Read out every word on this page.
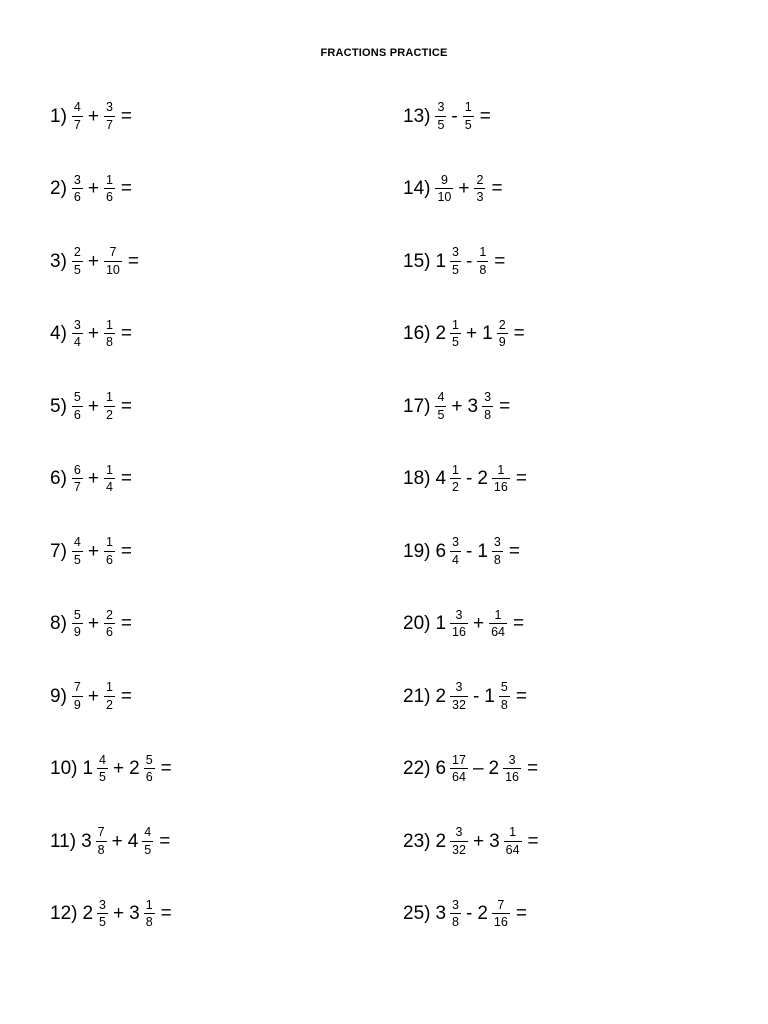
FRACTIONS PRACTICE
$1) \frac{4}{7} + \frac{3}{7}$ =
$2) \frac{3}{6} + \frac{1}{6}$ =
$3) \frac{2}{5} + \frac{7}{10}$ =
$4) \frac{3}{4} + \frac{1}{8}$ =
$5) \frac{5}{6} + \frac{1}{2}$ =
$6) \frac{6}{7} + \frac{1}{4}$ =
$7) \frac{4}{5} + \frac{1}{6}$ =
$8) \frac{5}{9} + \frac{2}{6}$ =
$9) \frac{7}{9} + \frac{1}{2}$ =
10) $1 \frac{4}{5} + 2 \frac{5}{6}$ =
11) $3 \frac{7}{8} + 4 \frac{4}{5}$ =
12) $2 \frac{3}{5} + 3 \frac{1}{8}$ =
$13) \frac{3}{5} - \frac{1}{5}$ =
$14) \frac{9}{10} + \frac{2}{3}$ =
15) $1 \frac{3}{5} - \frac{1}{8}$ =
16) $2 \frac{1}{5} + 1 \frac{2}{9}$ =
$17) \frac{4}{5} + 3 \frac{3}{8}$ =
18) $4 \frac{1}{2} - 2 \frac{1}{16}$ =
19) $6 \frac{3}{4} - 1 \frac{3}{8}$ =
20) $1 \frac{3}{16} + \frac{1}{64}$ =
21) $2 \frac{3}{32} - 1 \frac{5}{8}$ =
22) $6 \frac{17}{64} - 2 \frac{3}{16}$ =
23) $2 \frac{3}{32} + 3 \frac{1}{64}$ =
25) $3 \frac{3}{8} - 2 \frac{7}{16}$ =
